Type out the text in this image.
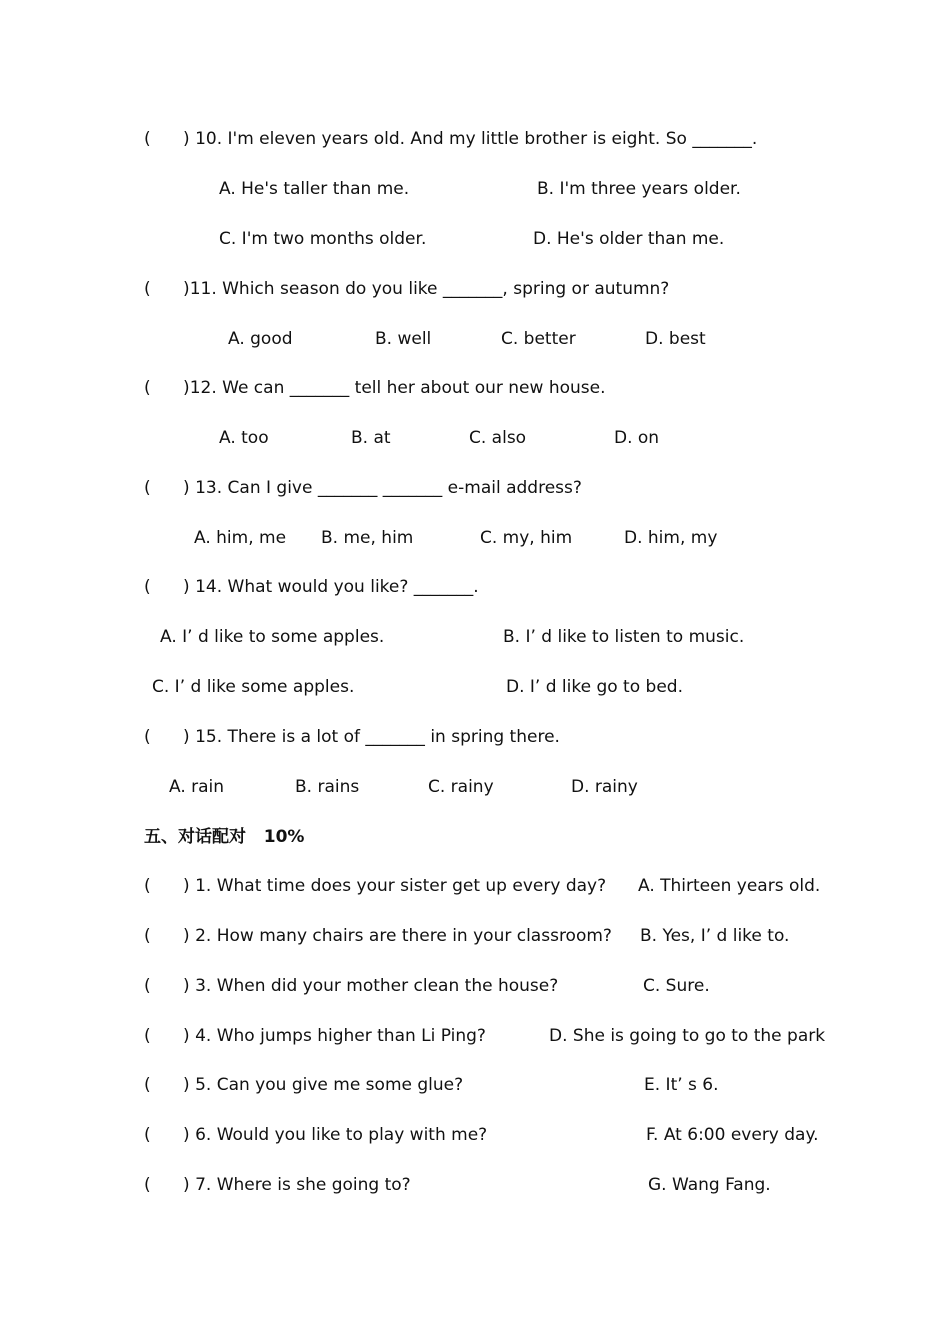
(      ) 10. I'm eleven years old. And my little brother is eight. So _______.
A. He's taller than me.	B. I'm three years older.
C. I'm two months older.	D. He's older than me.
(      )11. Which season do you like _______, spring or autumn?
A. good	B. well	C. better	D. best
(      )12. We can _______ tell her about our new house.
A. too	B. at	C. also	D. on
(      ) 13. Can I give _______ _______ e-mail address?
A. him, me B. me, him	C. my, him	D. him, my
(      ) 14. What would you like? _______.
A. I’ d like to some apples.	B. I’ d like to listen to music.
C. I’ d like some apples.	D. I’ d like go to bed.
(      ) 15. There is a lot of _______ in spring there.
A. rain	B. rains	C. rainy	D. rainy
五、对话配对   10%
(      ) 1. What time does your sister get up every day? A. Thirteen years old.
(      ) 2. How many chairs are there in your classroom? B. Yes, I’ d like to.
(      ) 3. When did your mother clean the house?	C. Sure.
(      ) 4. Who jumps higher than Li Ping?	D. She is going to go to the park
(      ) 5. Can you give me some glue?	E. It’ s 6.
(      ) 6. Would you like to play with me?	F. At 6:00 every day.
(      ) 7. Where is she going to?	G. Wang Fang.
